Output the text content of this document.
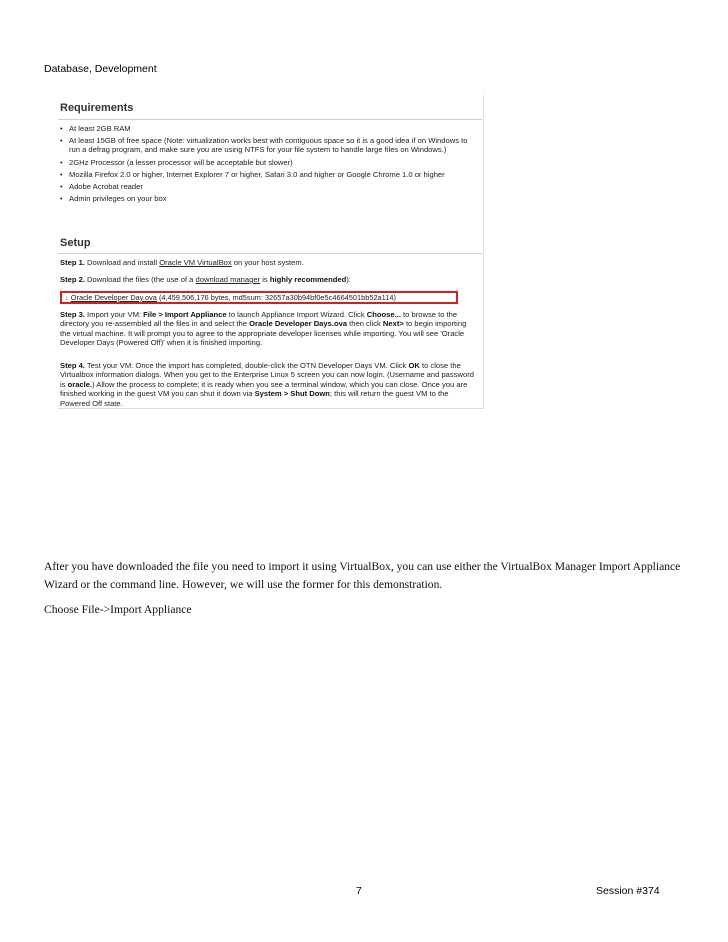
Database, Development
Requirements
• At least 2GB RAM
• At least 15GB of free space (Note: virtualization works best with contiguous space so it is a good idea if on Windows to run a defrag program, and make sure you are using NTFS for your file system to handle large files on Windows.)
• 2GHz Processor (a lesser processor will be acceptable but slower)
• Mozilla Firefox 2.0 or higher, Internet Explorer 7 or higher, Safari 3.0 and higher or Google Chrome 1.0 or higher
• Adobe Acrobat reader
• Admin privileges on your box
Setup
Step 1. Download and install Oracle VM VirtualBox on your host system.
Step 2. Download the files (the use of a download manager is highly recommended):
↓ Oracle Developer Day.ova (4,459,506,176 bytes, md5sum: 32657a30b94bf0e5c4664501bb52a114)
Step 3. Import your VM: File > Import Appliance to launch Appliance Import Wizard. Click Choose... to browse to the directory you re-assembled all the files in and select the Oracle Developer Days.ova then click Next> to begin importing the virtual machine. It will prompt you to agree to the appropriate developer licenses while importing. You will see 'Oracle Developer Days (Powered Off)' when it is finished importing.
Step 4. Test your VM: Once the import has completed, double-click the OTN Developer Days VM. Click OK to close the Virtualbox information dialogs. When you get to the Enterprise Linux 5 screen you can now login. (Username and password is oracle.) Allow the process to complete; it is ready when you see a terminal window, which you can close. Once you are finished working in the guest VM you can shut it down via System > Shut Down; this will return the guest VM to the Powered Off state.
After you have downloaded the file you need to import it using VirtualBox, you can use either the VirtualBox Manager Import Appliance Wizard or the command line. However, we will use the former for this demonstration.
Choose File->Import Appliance
7	Session #374
